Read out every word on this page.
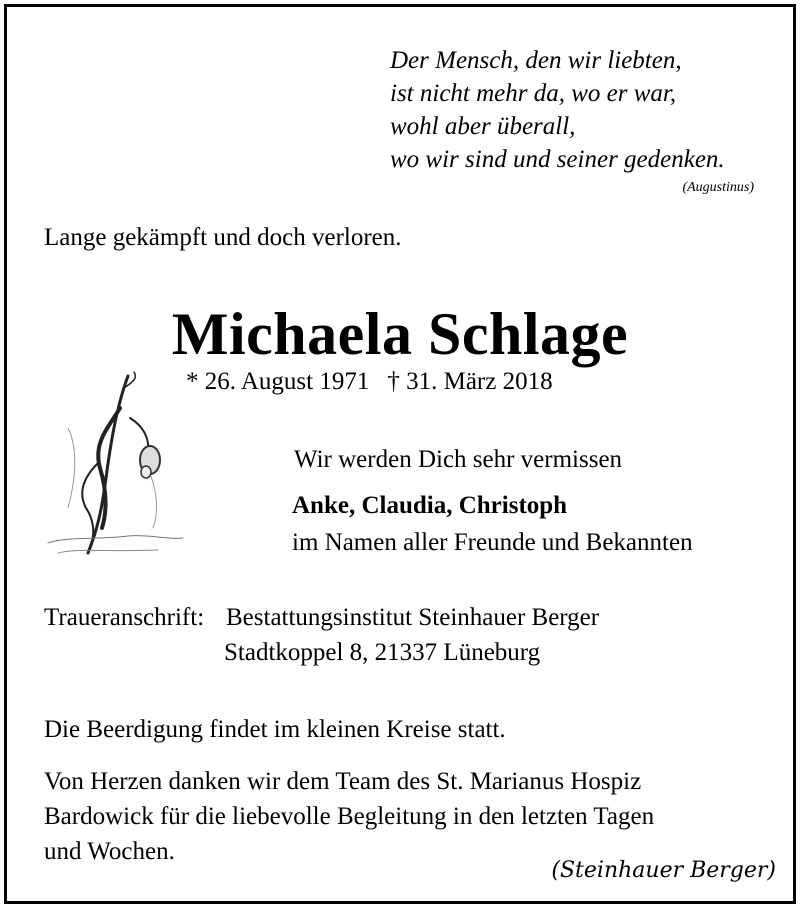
Der Mensch, den wir liebten,
ist nicht mehr da, wo er war,
wohl aber überall,
wo wir sind und seiner gedenken.
(Augustinus)
Lange gekämpft und doch verloren.
Michaela Schlage
* 26. August 1971 † 31. März 2018
Wir werden Dich sehr vermissen
Anke, Claudia, Christoph
im Namen aller Freunde und Bekannten
Traueranschrift: Bestattungsinstitut Steinhauer Berger
Stadtkoppel 8, 21337 Lüneburg
Die Beerdigung findet im kleinen Kreise statt.
Von Herzen danken wir dem Team des St. Marianus Hospiz
Bardowick für die liebevolle Begleitung in den letzten Tagen
und Wochen.
(Steinhauer Berger)
